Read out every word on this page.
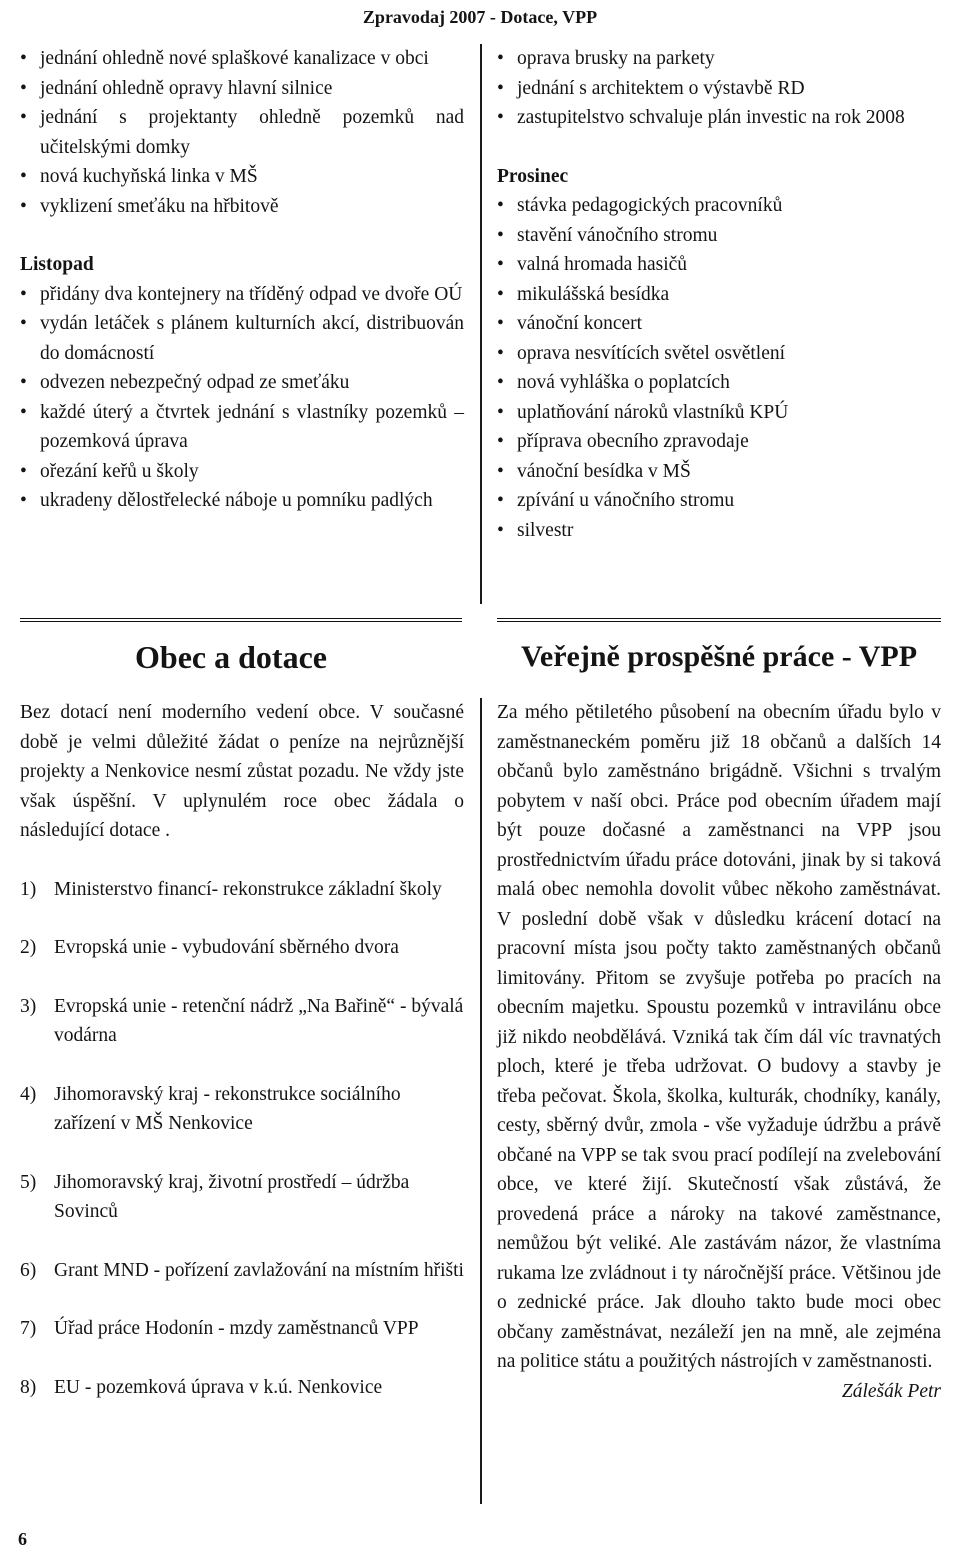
Zpravodaj 2007 - Dotace, VPP
• jednání ohledně nové splaškové kanalizace v obci
• jednání ohledně opravy hlavní silnice
• jednání s projektanty ohledně pozemků nad učitelskými domky
• nová kuchyňská linka v MŠ
• vyklizení smeťáku na hřbitově
Listopad
• přidány dva kontejnery na tříděný odpad ve dvoře OÚ
• vydán letáček s plánem kulturních akcí, distribuován do domácností
• odvezen nebezpečný odpad ze smeťáku
• každé úterý a čtvrtek jednání s vlastníky pozemků – pozemková úprava
• ořezání keřů u školy
• ukradeny dělostřelecké náboje u pomníku padlých
• oprava brusky na parkety
• jednání s architektem o výstavbě RD
• zastupitelstvo schvaluje plán investic na rok 2008
Prosinec
• stávka pedagogických pracovníků
• stavění vánočního stromu
• valná hromada hasičů
• mikulášská besídka
• vánoční koncert
• oprava nesvítících světel osvětlení
• nová vyhláška o poplatcích
• uplatňování nároků vlastníků KPÚ
• příprava obecního zpravodaje
• vánoční besídka v MŠ
• zpívání u vánočního stromu
• silvestr
Obec a dotace	Veřejně prospěšné práce - VPP
Bez dotací není moderního vedení obce. V současné době je velmi důležité žádat o peníze na nejrůznější projekty a Nenkovice nesmí zůstat pozadu. Ne vždy jste však úspěšní. V uplynulém roce obec žádala o následující dotace .
1) Ministerstvo financí- rekonstrukce základní školy
2) Evropská unie - vybudování sběrného dvora
3) Evropská unie - retenční nádrž „Na Bařině“ - bývalá vodárna
4) Jihomoravský kraj - rekonstrukce sociálního zařízení v MŠ Nenkovice
5) Jihomoravský kraj, životní prostředí – údržba Sovinců
6) Grant MND - pořízení zavlažování na místním hřišti
7) Úřad práce Hodonín - mzdy zaměstnanců VPP
8) EU - pozemková úprava v k.ú. Nenkovice
Za mého pětiletého působení na obecním úřadu bylo v zaměstnaneckém poměru již 18 občanů a dalších 14 občanů bylo zaměstnáno brigádně. Všichni s trvalým pobytem v naší obci. Práce pod obecním úřadem mají být pouze dočasné a zaměstnanci na VPP jsou prostřednictvím úřadu práce dotováni, jinak by si taková malá obec nemohla dovolit vůbec někoho zaměstnávat. V poslední době však v důsledku krácení dotací na pracovní místa jsou počty takto zaměstnaných občanů limitovány. Přitom se zvyšuje potřeba po pracích na obecním majetku. Spoustu pozemků v intravilánu obce již nikdo neobdělává. Vzniká tak čím dál víc travnatých ploch, které je třeba udržovat. O budovy a stavby je třeba pečovat. Škola, školka, kulturák, chodníky, kanály, cesty, sběrný dvůr, zmola - vše vyžaduje údržbu a právě občané na VPP se tak svou prací podílejí na zvelebování obce, ve které žijí. Skutečností však zůstává, že provedená práce a nároky na takové zaměstnance, nemůžou být veliké. Ale zastávám názor, že vlastníma rukama lze zvládnout i ty náročnější práce. Většinou jde o zednické práce. Jak dlouho takto bude moci obec občany zaměstnávat, nezáleží jen na mně, ale zejména na politice státu a použitých nástrojích v zaměstnanosti.
Zálešák Petr
6
